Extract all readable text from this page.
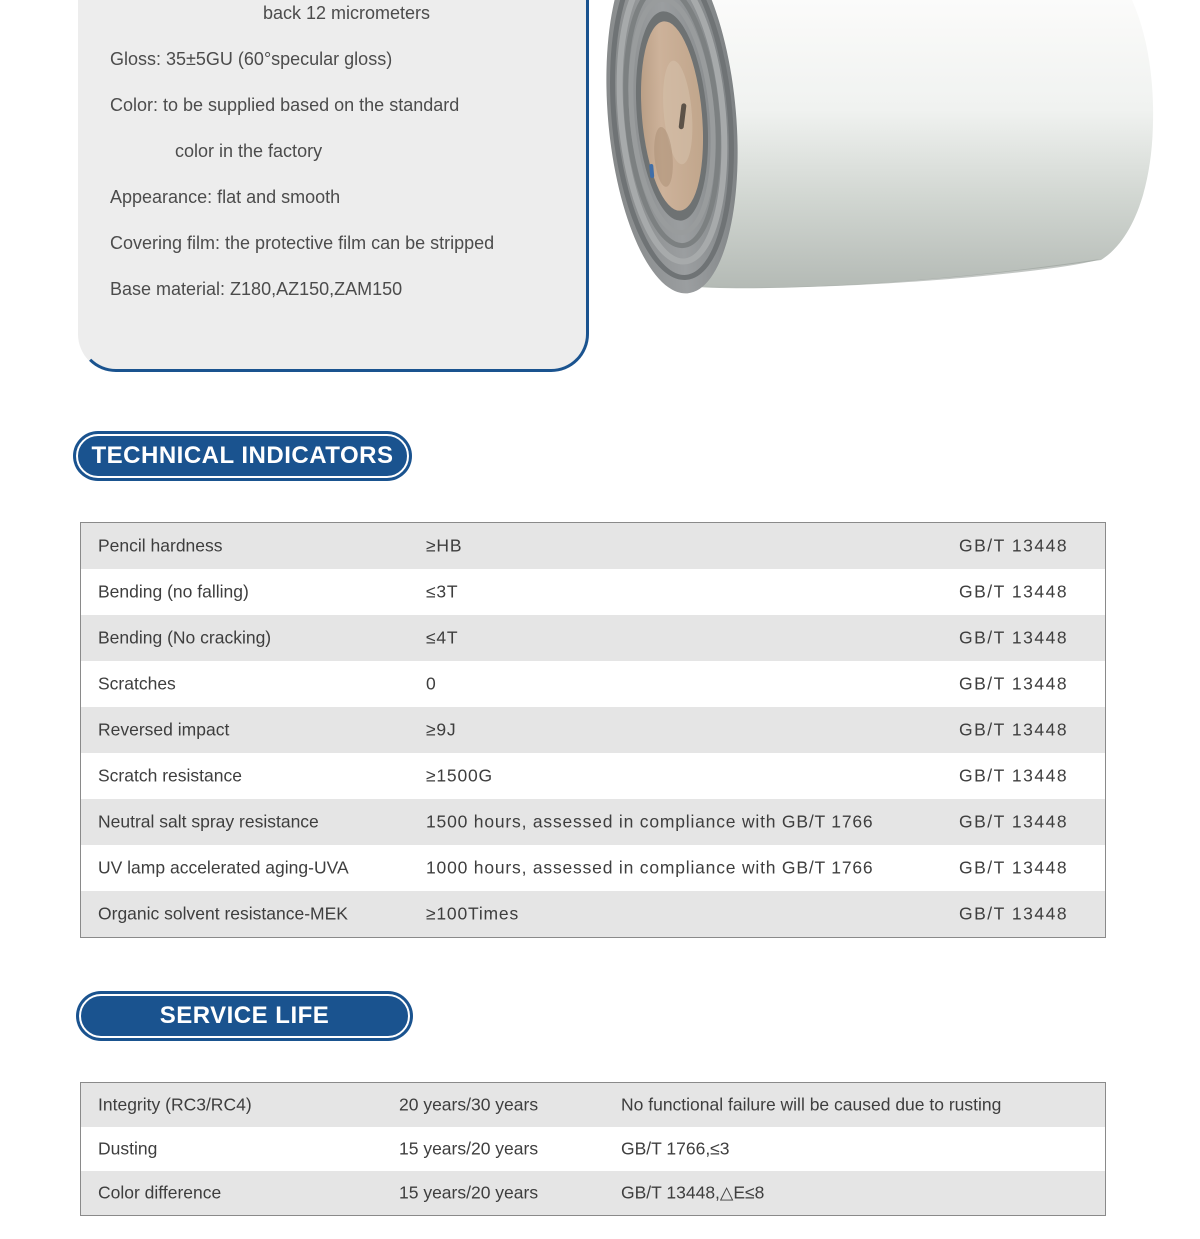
back 12 micrometers
Gloss: 35±5GU (60°specular gloss)
Color: to be supplied based on the standard
color in the factory
Appearance: flat and smooth
Covering film: the protective film can be stripped
Base material: Z180,AZ150,ZAM150
TECHNICAL INDICATORS
Pencil hardness	≥HB	GB/T 13448
Bending (no falling)	≤3T	GB/T 13448
Bending (No cracking)	≤4T	GB/T 13448
Scratches	0	GB/T 13448
Reversed impact	≥9J	GB/T 13448
Scratch resistance	≥1500G	GB/T 13448
Neutral salt spray resistance	1500 hours, assessed in compliance with GB/T 1766	GB/T 13448
UV lamp accelerated aging-UVA	1000 hours, assessed in compliance with GB/T 1766	GB/T 13448
Organic solvent resistance-MEK	≥100Times	GB/T 13448
SERVICE LIFE
Integrity (RC3/RC4)	20 years/30 years	No functional failure will be caused due to rusting
Dusting	15 years/20 years	GB/T 1766,≤3
Color difference	15 years/20 years	GB/T 13448,△E≤8
